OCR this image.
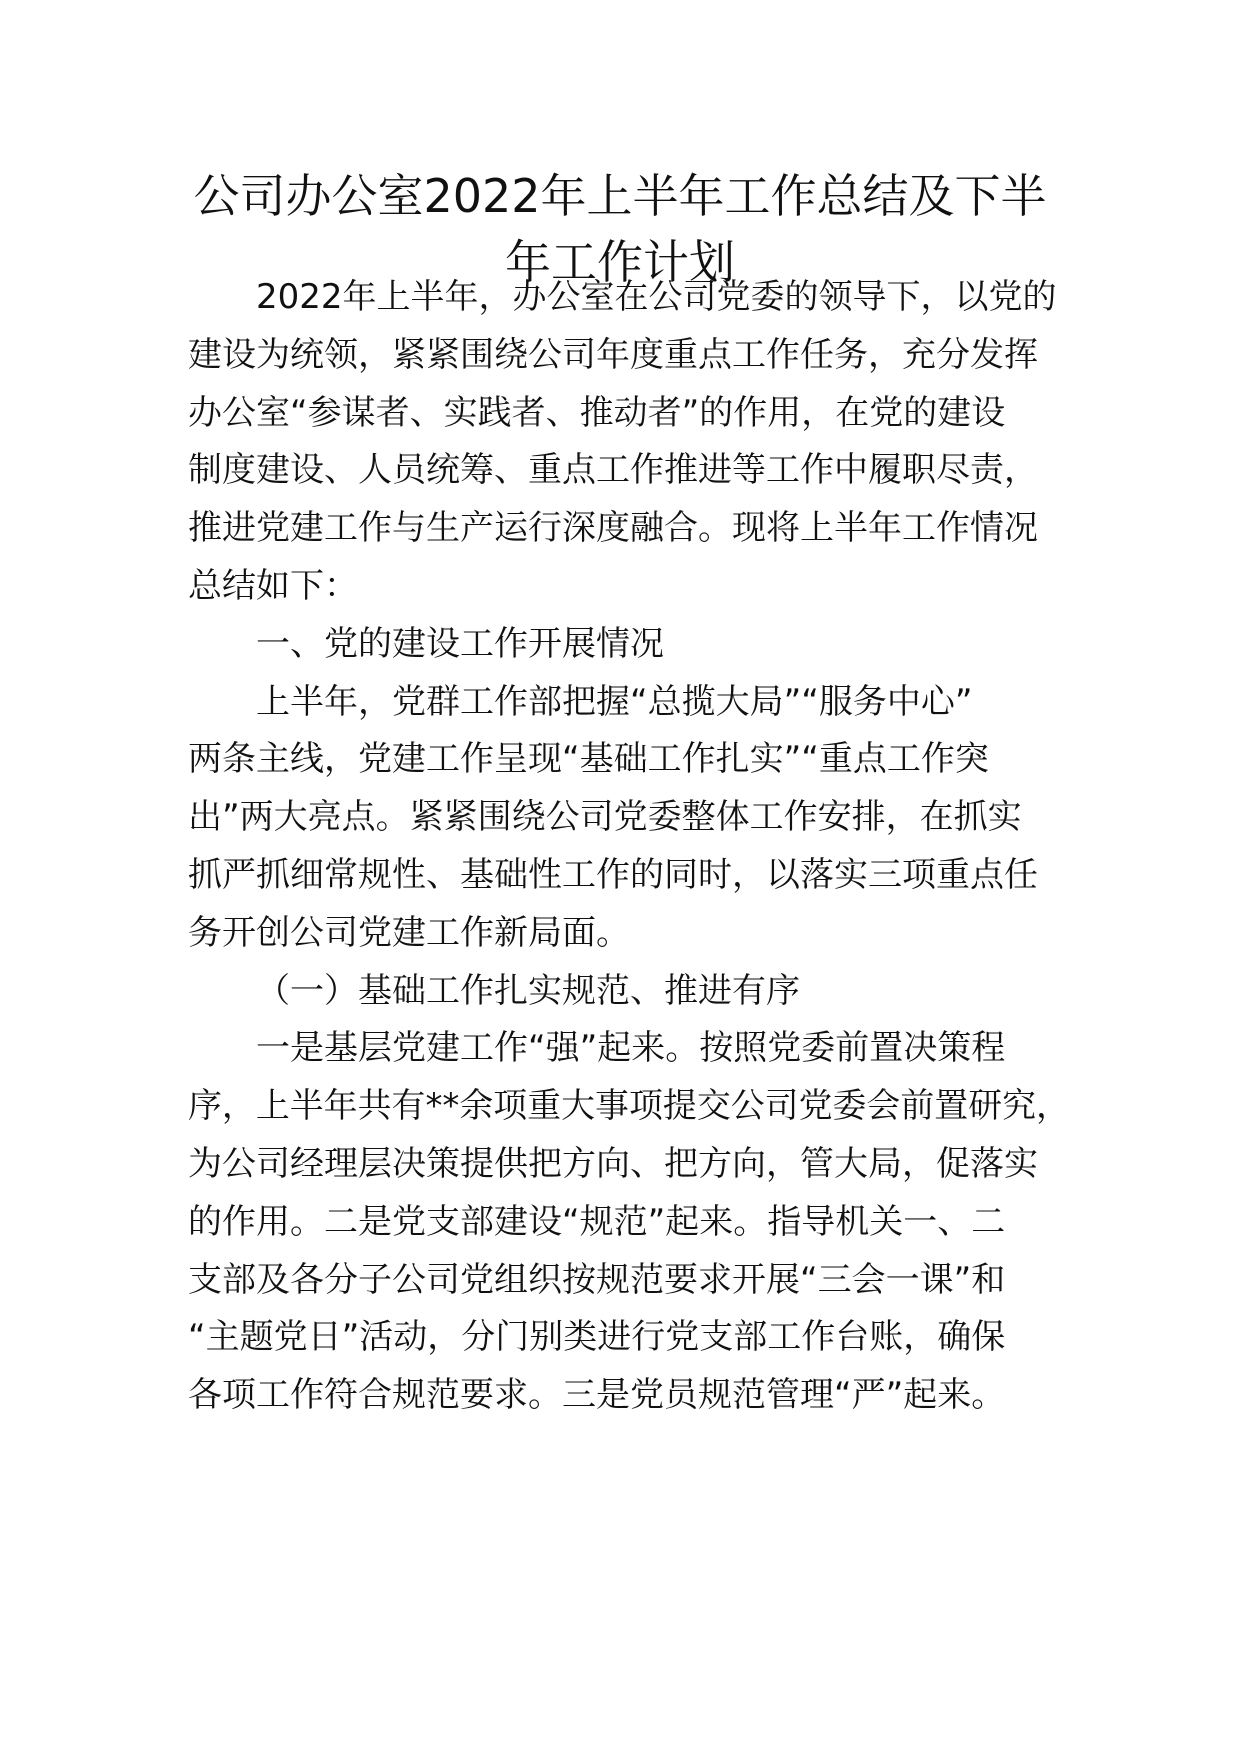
公司办公室2022年上半年工作总结及下半
年工作计划
2022年上半年，办公室在公司党委的领导下，以党的
建设为统领，紧紧围绕公司年度重点工作任务，充分发挥
办公室“参谋者、实践者、推动者”的作用，在党的建设
制度建设、人员统筹、重点工作推进等工作中履职尽责，
推进党建工作与生产运行深度融合。现将上半年工作情况
总结如下：
一、党的建设工作开展情况
上半年，党群工作部把握“总揽大局”“服务中心”
两条主线，党建工作呈现“基础工作扎实”“重点工作突
出”两大亮点。紧紧围绕公司党委整体工作安排，在抓实
抓严抓细常规性、基础性工作的同时，以落实三项重点任
务开创公司党建工作新局面。
（一）基础工作扎实规范、推进有序
一是基层党建工作“强”起来。按照党委前置决策程
序，上半年共有**余项重大事项提交公司党委会前置研究，
为公司经理层决策提供把方向、把方向，管大局，促落实
的作用。二是党支部建设“规范”起来。指导机关一、二
支部及各分子公司党组织按规范要求开展“三会一课”和
“主题党日”活动，分门别类进行党支部工作台账，确保
各项工作符合规范要求。三是党员规范管理“严”起来。
